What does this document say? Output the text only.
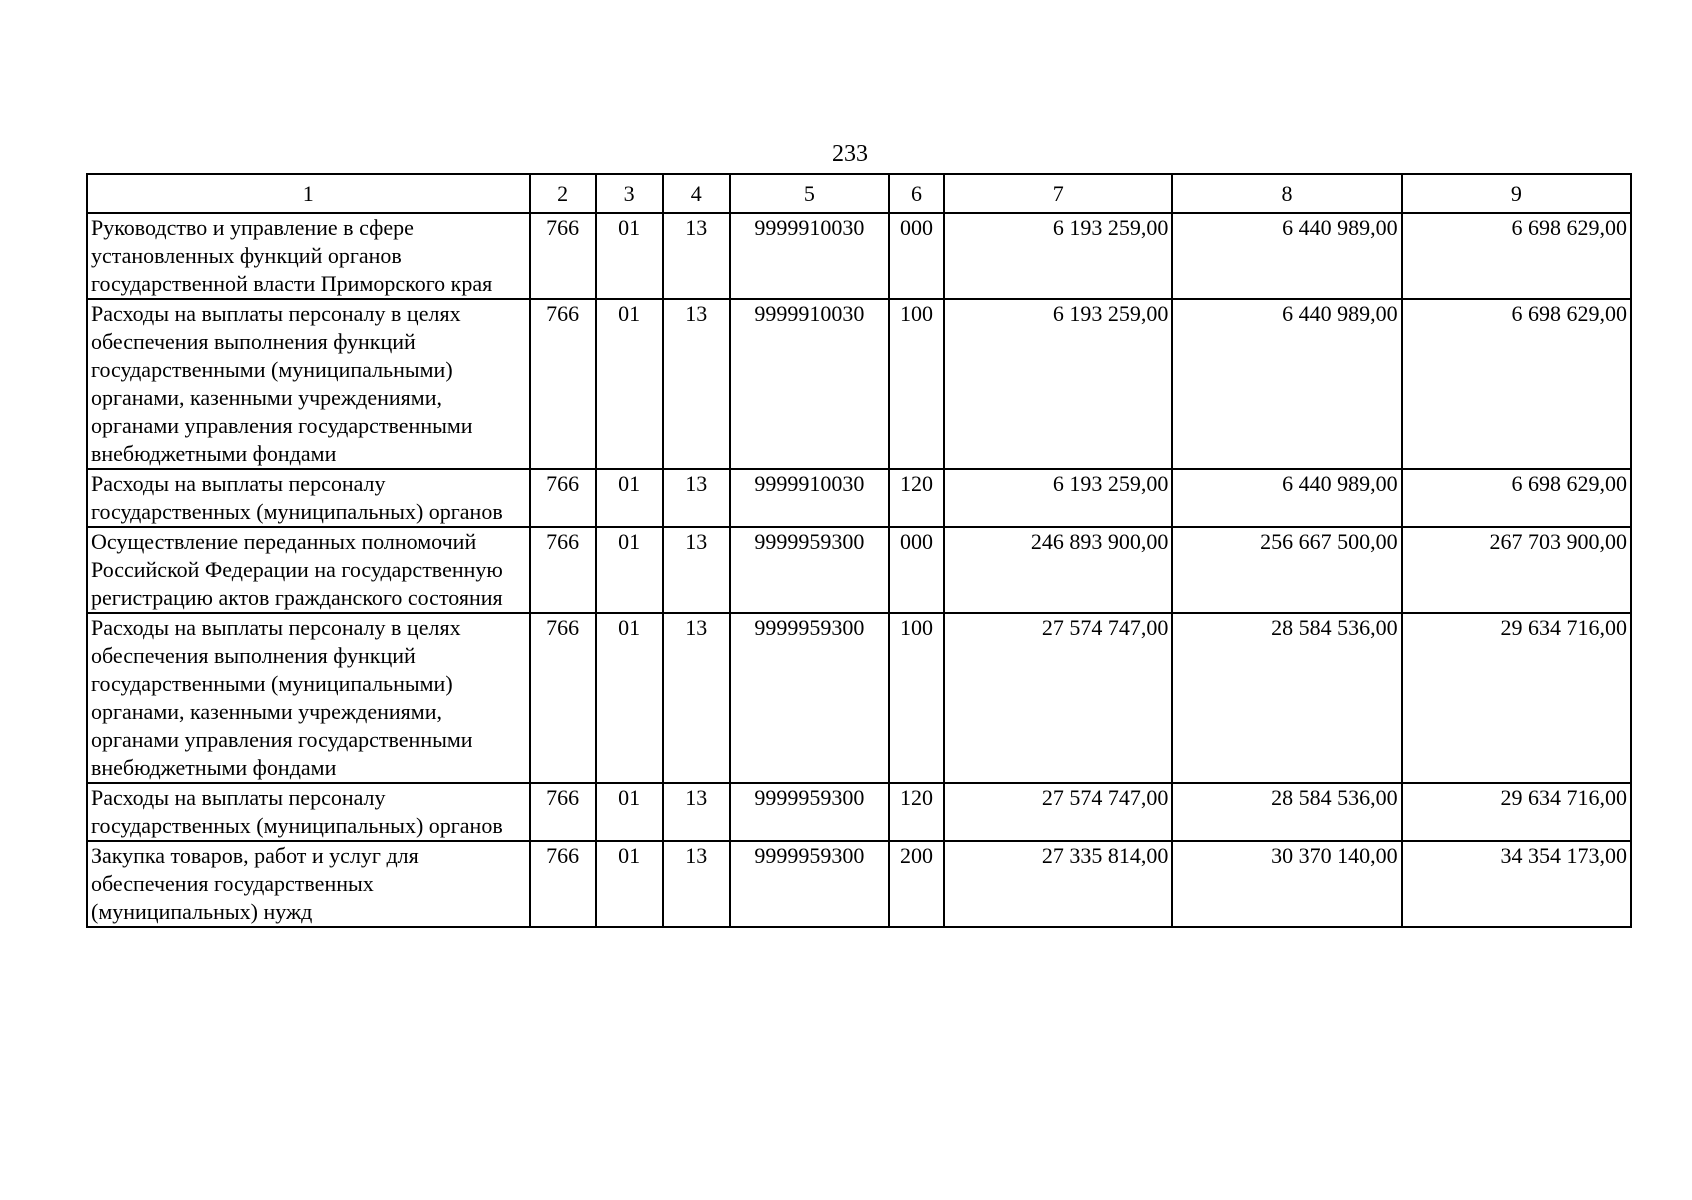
233
1	2	3	4	5	6	7	8	9
Руководство и управление в сфере установленных функций органов государственной власти Приморского края	766	01	13	9999910030	000	6 193 259,00	6 440 989,00	6 698 629,00
Расходы на выплаты персоналу в целях обеспечения выполнения функций государственными (муниципальными) органами, казенными учреждениями, органами управления государственными внебюджетными фондами	766	01	13	9999910030	100	6 193 259,00	6 440 989,00	6 698 629,00
Расходы на выплаты персоналу государственных (муниципальных) органов	766	01	13	9999910030	120	6 193 259,00	6 440 989,00	6 698 629,00
Осуществление переданных полномочий Российской Федерации на государственную регистрацию актов гражданского состояния	766	01	13	9999959300	000	246 893 900,00	256 667 500,00	267 703 900,00
Расходы на выплаты персоналу в целях обеспечения выполнения функций государственными (муниципальными) органами, казенными учреждениями, органами управления государственными внебюджетными фондами	766	01	13	9999959300	100	27 574 747,00	28 584 536,00	29 634 716,00
Расходы на выплаты персоналу государственных (муниципальных) органов	766	01	13	9999959300	120	27 574 747,00	28 584 536,00	29 634 716,00
Закупка товаров, работ и услуг для обеспечения государственных (муниципальных) нужд	766	01	13	9999959300	200	27 335 814,00	30 370 140,00	34 354 173,00
